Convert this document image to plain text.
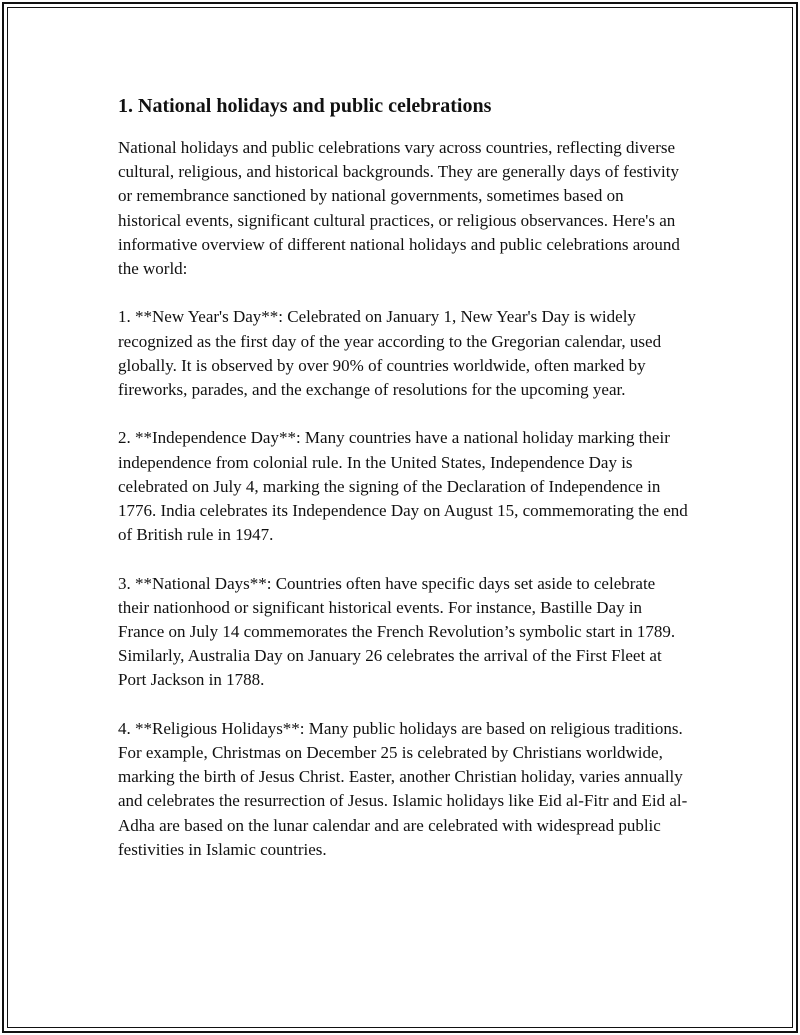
1. National holidays and public celebrations

National holidays and public celebrations vary across countries, reflecting diverse cultural, religious, and historical backgrounds. They are generally days of festivity or remembrance sanctioned by national governments, sometimes based on historical events, significant cultural practices, or religious observances. Here's an informative overview of different national holidays and public celebrations around the world:

1. **New Year's Day**: Celebrated on January 1, New Year's Day is widely recognized as the first day of the year according to the Gregorian calendar, used globally. It is observed by over 90% of countries worldwide, often marked by fireworks, parades, and the exchange of resolutions for the upcoming year.

2. **Independence Day**: Many countries have a national holiday marking their independence from colonial rule. In the United States, Independence Day is celebrated on July 4, marking the signing of the Declaration of Independence in 1776. India celebrates its Independence Day on August 15, commemorating the end of British rule in 1947.

3. **National Days**: Countries often have specific days set aside to celebrate their nationhood or significant historical events. For instance, Bastille Day in France on July 14 commemorates the French Revolution’s symbolic start in 1789. Similarly, Australia Day on January 26 celebrates the arrival of the First Fleet at Port Jackson in 1788.

4. **Religious Holidays**: Many public holidays are based on religious traditions. For example, Christmas on December 25 is celebrated by Christians worldwide, marking the birth of Jesus Christ. Easter, another Christian holiday, varies annually and celebrates the resurrection of Jesus. Islamic holidays like Eid al-Fitr and Eid al-Adha are based on the lunar calendar and are celebrated with widespread public festivities in Islamic countries.
